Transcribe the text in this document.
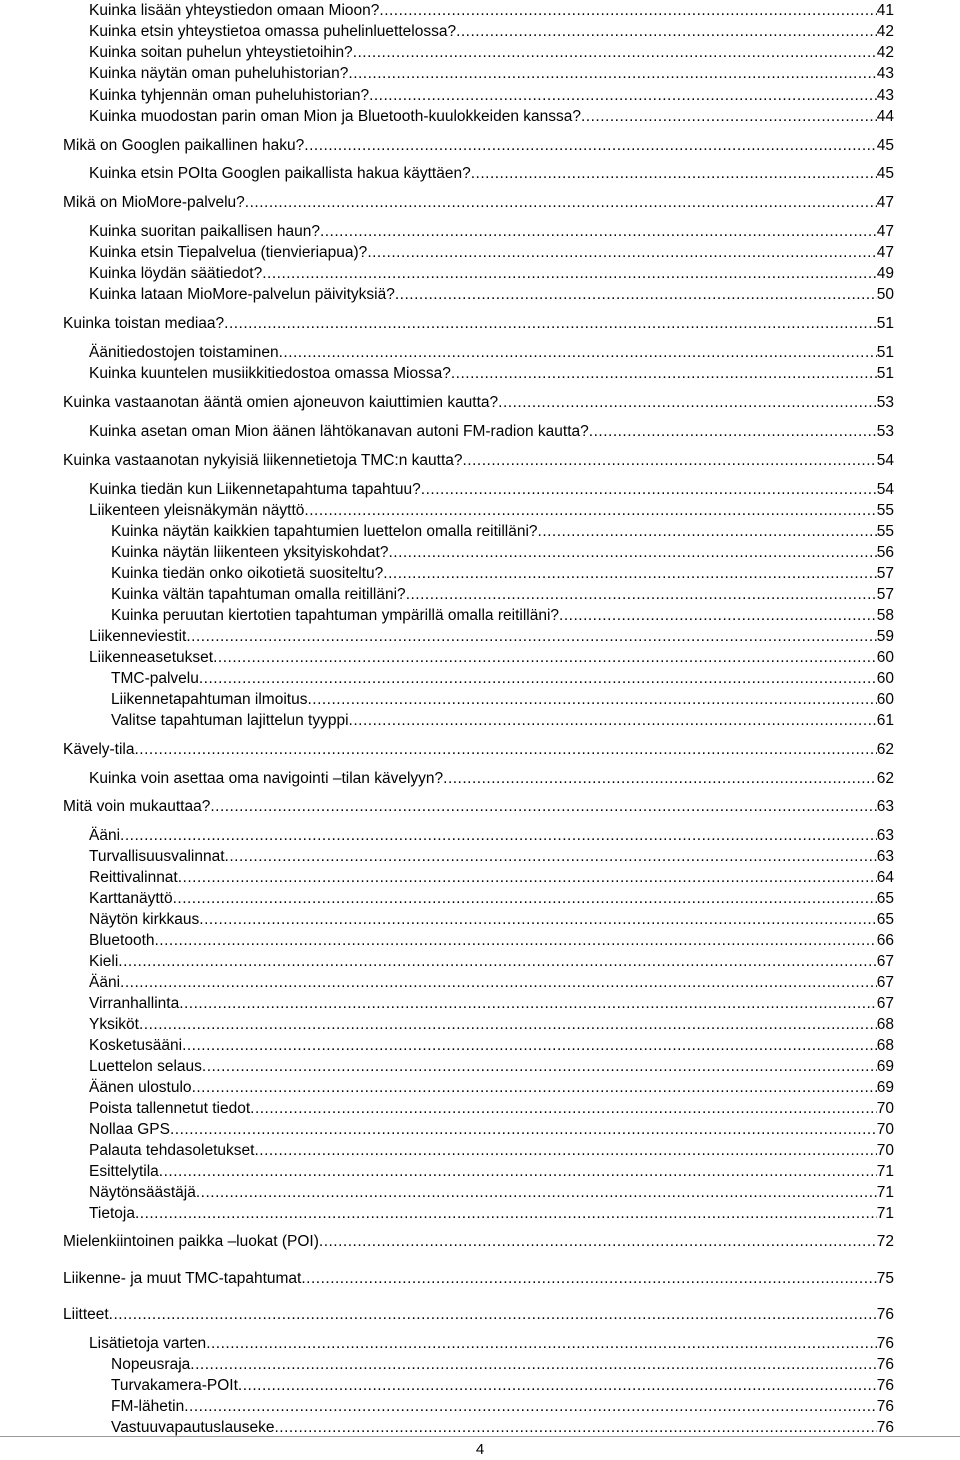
Kuinka lisään yhteystiedon omaan Mioon? .....	41
Kuinka etsin yhteystietoa omassa puhelinluettelossa? .....	42
Kuinka soitan puhelun yhteystietoihin? .....	42
Kuinka näytän oman puheluhistorian? .....	43
Kuinka tyhjennän oman puheluhistorian? .....	43
Kuinka muodostan parin oman Mion ja Bluetooth-kuulokkeiden kanssa? .....	44
Mikä on Googlen paikallinen haku? .....	45
Kuinka etsin POIta Googlen paikallista hakua käyttäen? .....	45
Mikä on MioMore-palvelu? .....	47
Kuinka suoritan paikallisen haun? .....	47
Kuinka etsin Tiepalvelua (tienvieriapua)? .....	47
Kuinka löydän säätiedot? .....	49
Kuinka lataan MioMore-palvelun päivityksiä? .....	50
Kuinka toistan mediaa? .....	51
Äänitiedostojen toistaminen .....	51
Kuinka kuuntelen musiikkitiedostoa omassa Miossa? .....	51
Kuinka vastaanotan ääntä omien ajoneuvon kaiuttimien kautta? .....	53
Kuinka asetan oman Mion äänen lähtökanavan autoni FM-radion kautta? .....	53
Kuinka vastaanotan nykyisiä liikennetietoja TMC:n kautta? .....	54
Kuinka tiedän kun Liikennetapahtuma tapahtuu? .....	54
Liikenteen yleisnäkymän näyttö .....	55
Kuinka näytän kaikkien tapahtumien luettelon omalla reitilläni? .....	55
Kuinka näytän liikenteen yksityiskohdat? .....	56
Kuinka tiedän onko oikotietä suositeltu? .....	57
Kuinka vältän tapahtuman omalla reitilläni? .....	57
Kuinka peruutan kiertotien tapahtuman ympärillä omalla reitilläni? .....	58
Liikenneviestit .....	59
Liikenneasetukset .....	60
TMC-palvelu .....	60
Liikennetapahtuman ilmoitus .....	60
Valitse tapahtuman lajittelun tyyppi .....	61
Kävely-tila .....	62
Kuinka voin asettaa oma navigointi –tilan kävelyyn? .....	62
Mitä voin mukauttaa? .....	63
Ääni .....	63
Turvallisuusvalinnat .....	63
Reittivalinnat .....	64
Karttanäyttö .....	65
Näytön kirkkaus .....	65
Bluetooth .....	66
Kieli .....	67
Ääni .....	67
Virranhallinta .....	67
Yksiköt .....	68
Kosketusääni .....	68
Luettelon selaus .....	69
Äänen ulostulo .....	69
Poista tallennetut tiedot .....	70
Nollaa GPS .....	70
Palauta tehdasoletukset .....	70
Esittelytila .....	71
Näytönsäästäjä .....	71
Tietoja .....	71
Mielenkiintoinen paikka –luokat (POI) .....	72
Liikenne- ja muut TMC-tapahtumat .....	75
Liitteet .....	76
Lisätietoja varten .....	76
Nopeusraja .....	76
Turvakamera-POIt .....	76
FM-lähetin .....	76
Vastuuvapautuslauseke .....	76
4
